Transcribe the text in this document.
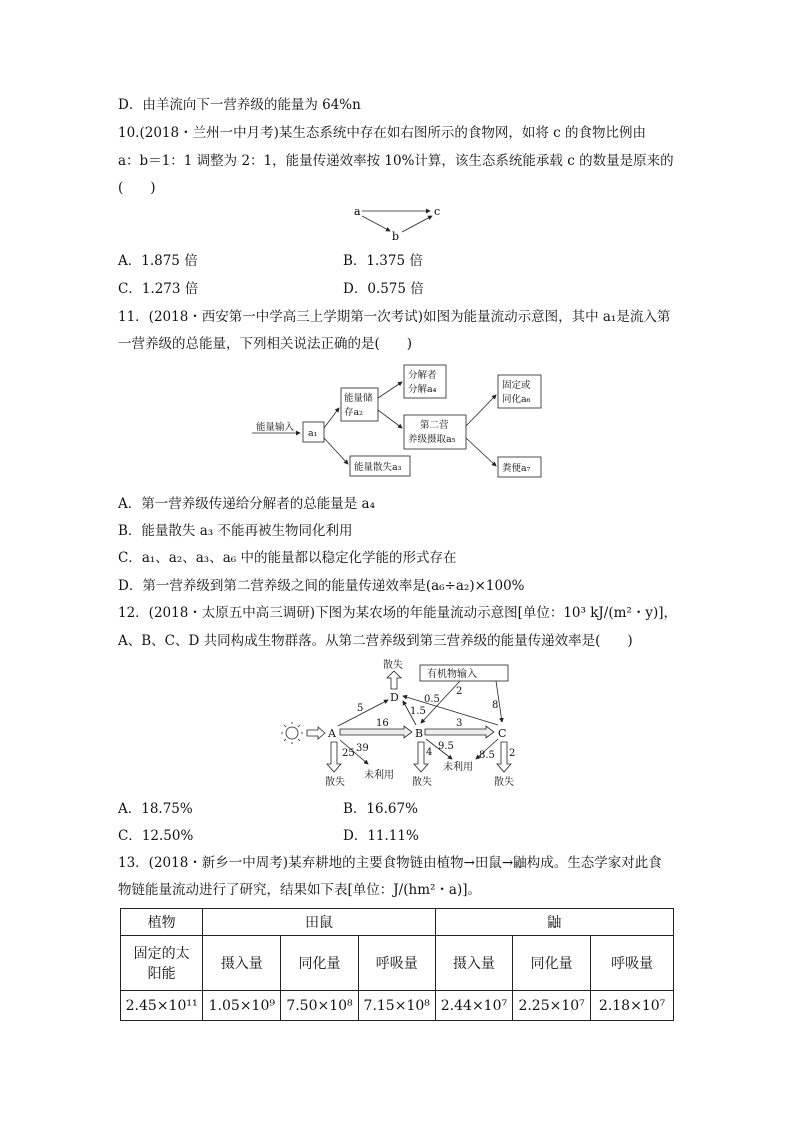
D．由羊流向下一营养级的能量为 64%n
10.(2018・兰州一中月考)某生态系统中存在如右图所示的食物网，如将 c 的食物比例由
a：b＝1：1 调整为 2：1，能量传递效率按 10%计算，该生态系统能承载 c 的数量是原来的
(　　)
a	c
b
A．1.875 倍	B．1.375 倍
C．1.273 倍	D．0.575 倍
11．(2018・西安第一中学高三上学期第一次考试)如图为能量流动示意图，其中 a₁是流入第
一营养级的总能量，下列相关说法正确的是(　　)
能量输入
a₁
能量储
存a₂
分解者
分解a₄
第二营
养级摄取a₅
能量散失a₃
固定或
同化a₆
粪便a₇
A．第一营养级传递给分解者的总能量是 a₄
B．能量散失 a₃ 不能再被生物同化利用
C．a₁、a₂、a₃、a₆ 中的能量都以稳定化学能的形式存在
D．第一营养级到第二营养级之间的能量传递效率是(a₆÷a₂)×100%
12．(2018・太原五中高三调研)下图为某农场的年能量流动示意图[单位：10³ kJ/(m²・y)]，
A、B、C、D 共同构成生物群落。从第二营养级到第三营养级的能量传递效率是(　　)
A	B	C
D
散失
有机物输入
5	1.5
0.5
2
8
16	3
25
散失
39
未利用
4
散失
9.5
未利用
8.5 2
散失
A．18.75%	B．16.67%
C．12.50%	D．11.11%
13．(2018・新乡一中周考)某弃耕地的主要食物链由植物→田鼠→鼬构成。生态学家对此食
物链能量流动进行了研究，结果如下表[单位：J/(hm²・a)]。
植物	田鼠			鼬		
固定的太
阳能	摄入量	同化量	呼吸量	摄入量	同化量	呼吸量
2.45×10¹¹	1.05×10⁹	7.50×10⁸	7.15×10⁸	2.44×10⁷	2.25×10⁷	2.18×10⁷
